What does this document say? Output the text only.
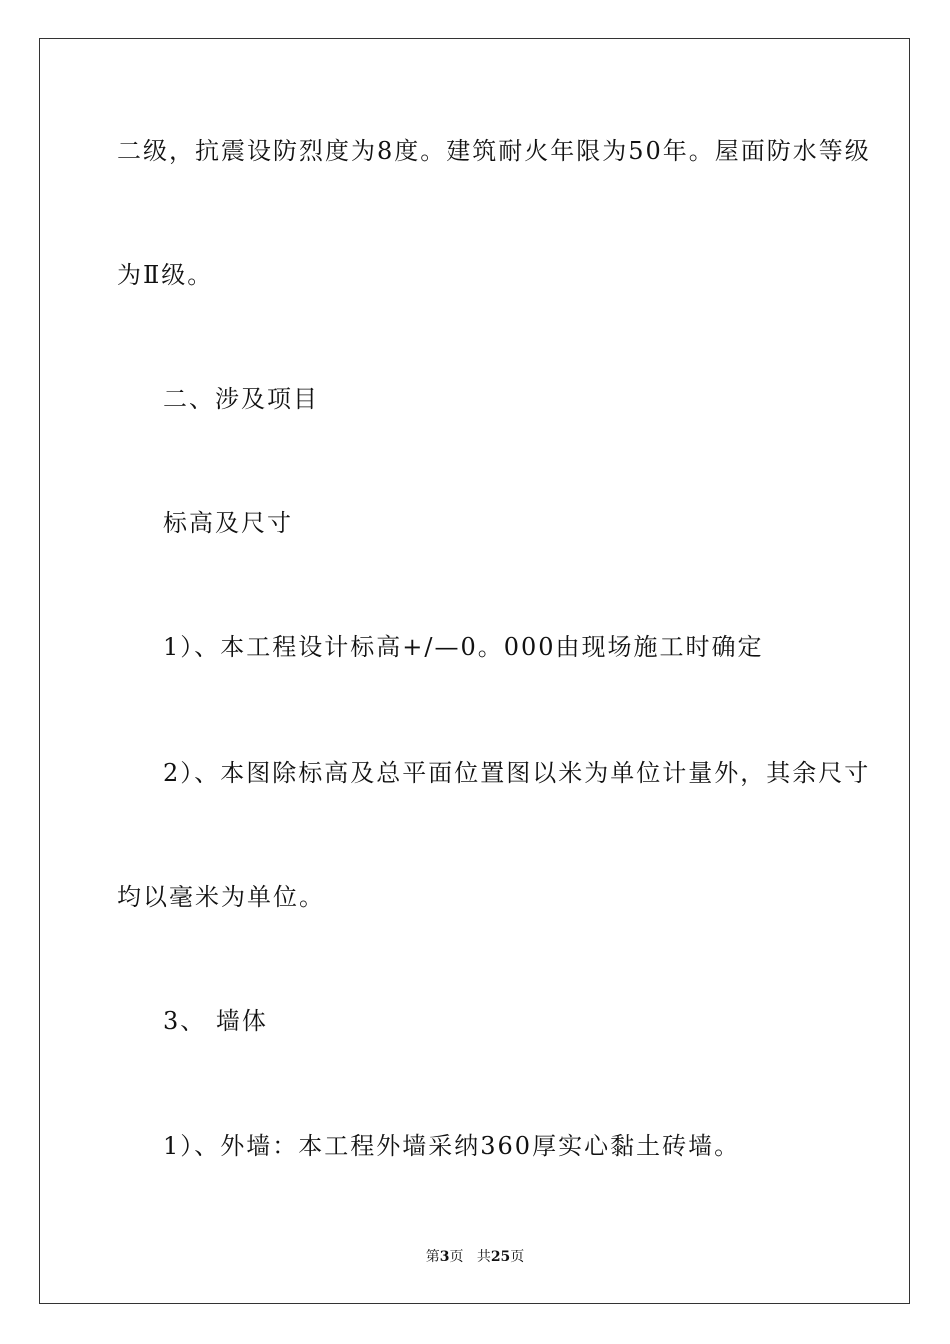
二级，抗震设防烈度为8度。建筑耐火年限为50年。屋面防水等级
为Ⅱ级。
二、涉及项目
标高及尺寸
1）、本工程设计标高+/—0。000由现场施工时确定
2）、本图除标高及总平面位置图以米为单位计量外，其余尺寸
均以毫米为单位。
3、 墙体
1）、外墙：本工程外墙采纳360厚实心黏土砖墙。
第3页 共25页
